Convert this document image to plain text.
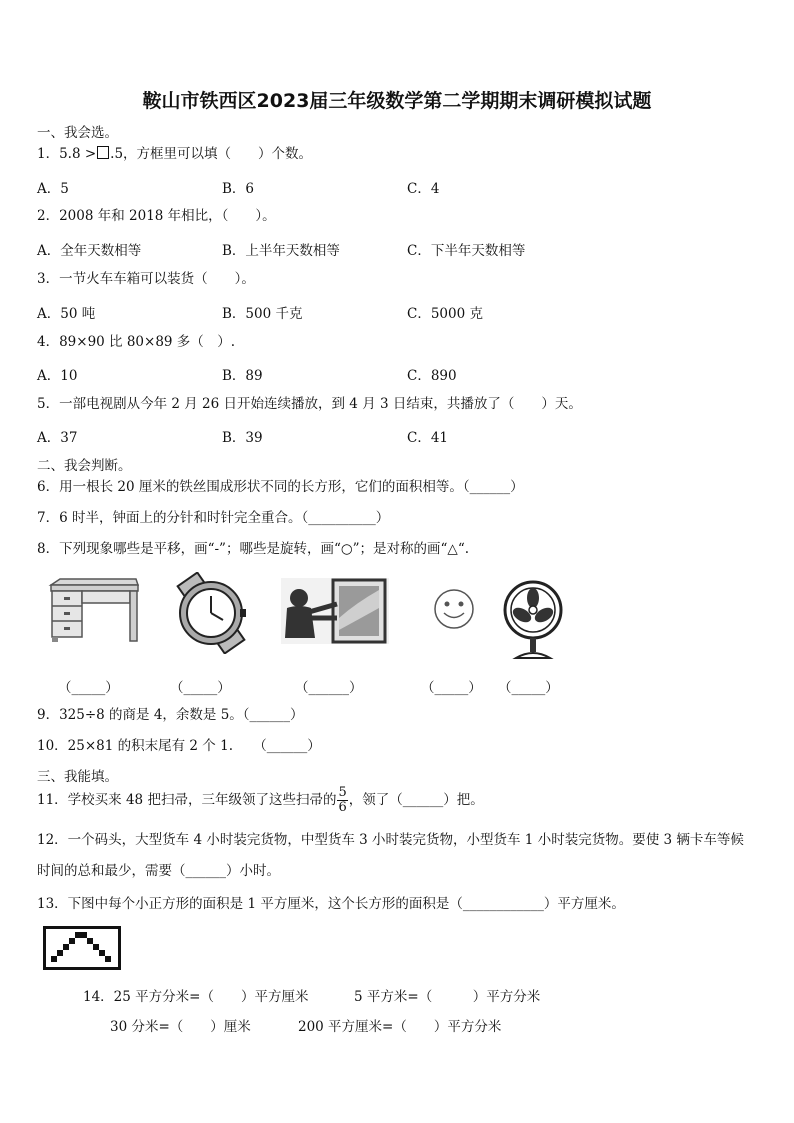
鞍山市铁西区2023届三年级数学第二学期期末调研模拟试题
一、我会选。
1．5.8 > .5，方框里可以填（　　）个数。
A．5	B．6	C．4
2．2008 年和 2018 年相比，（　　）。
A．全年天数相等	B．上半年天数相等	C．下半年天数相等
3．一节火车车箱可以装货（　　）。
A．50 吨	B．500 千克	C．5000 克
4．89×90 比 80×89 多（　）.
A．10	B．89	C．890
5．一部电视剧从今年 2 月 26 日开始连续播放，到 4 月 3 日结束，共播放了（　　）天。
A．37	B．39	C．41
二、我会判断。
6．用一根长 20 厘米的铁丝围成形状不同的长方形，它们的面积相等。（______）
7．6 时半，钟面上的分针和时针完全重合。（__________）
8．下列现象哪些是平移，画“-”；哪些是旋转，画“○”；是对称的画“△“.
（_____）	（_____）	（______）	（_____） （_____）
9．325÷8 的商是 4，余数是 5。（______）
10．25×81 的积末尾有 2 个 1.　　（______）
三、我能填。
11．学校买来 48 把扫帚，三年级领了这些扫帚的 $\frac{5}{6}$ ，领了（______）把。
12．一个码头，大型货车 4 小时装完货物，中型货车 3 小时装完货物，小型货车 1 小时装完货物。要使 3 辆卡车等候
时间的总和最少，需要（______）小时。
13．下图中每个小正方形的面积是 1 平方厘米，这个长方形的面积是（____________）平方厘米。
14．25 平方分米=（　　）平方厘米	5 平方米=（　　　）平方分米
30 分米=（　　）厘米	200 平方厘米=（　　）平方分米
